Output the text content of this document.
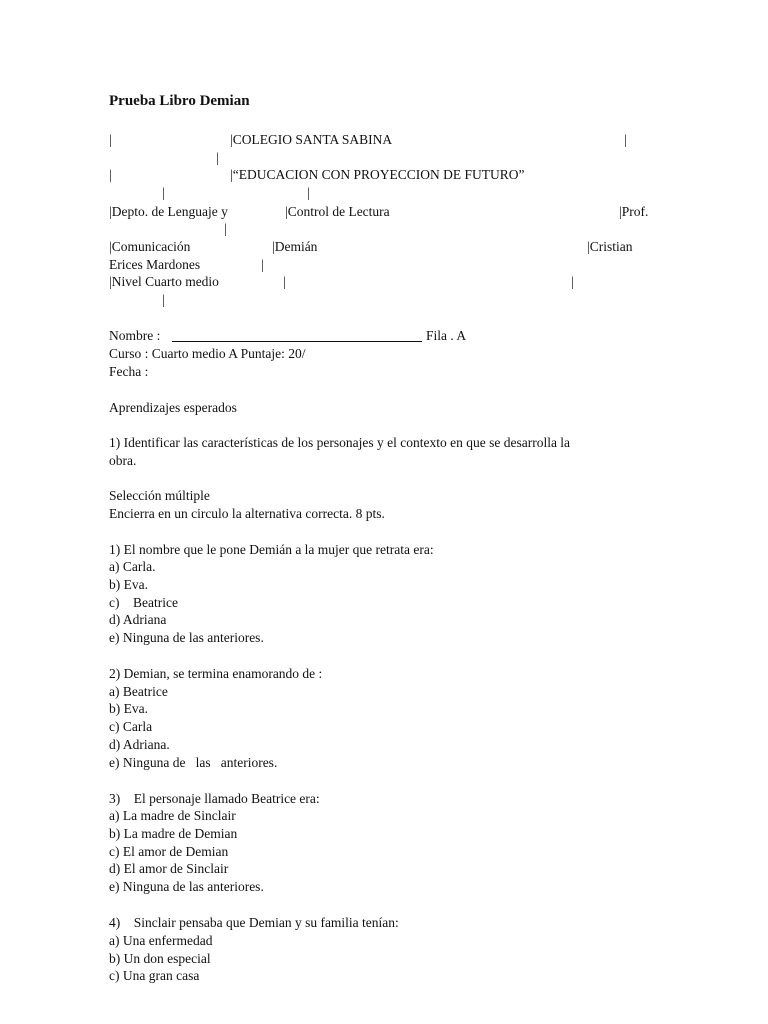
Prueba Libro Demian
|	|COLEGIO SANTA SABINA	|
|
|	|“EDUCACION CON PROYECCION DE FUTURO”
|	|
|Depto. de Lenguaje y	|Control de Lectura	|Prof.
|
|Comunicación	|Demián	|Cristian
Erices Mardones	|
|Nivel Cuarto medio	|	|
|
Nombre :	Fila . A
Curso : Cuarto medio A Puntaje: 20/
Fecha :
Aprendizajes esperados
1) Identificar las características de los personajes y el contexto en que se desarrolla la
obra.
Selección múltiple
Encierra en un circulo la alternativa correcta. 8 pts.
1) El nombre que le pone Demián a la mujer que retrata era:
a) Carla.
b) Eva.
c)    Beatrice
d) Adriana
e) Ninguna de las anteriores.
2) Demian, se termina enamorando de :
a) Beatrice
b) Eva.
c) Carla
d) Adriana.
e) Ninguna de   las   anteriores.
3)    El personaje llamado Beatrice era:
a) La madre de Sinclair
b) La madre de Demian
c) El amor de Demian
d) El amor de Sinclair
e) Ninguna de las anteriores.
4)    Sinclair pensaba que Demian y su familia tenían:
a) Una enfermedad
b) Un don especial
c) Una gran casa
